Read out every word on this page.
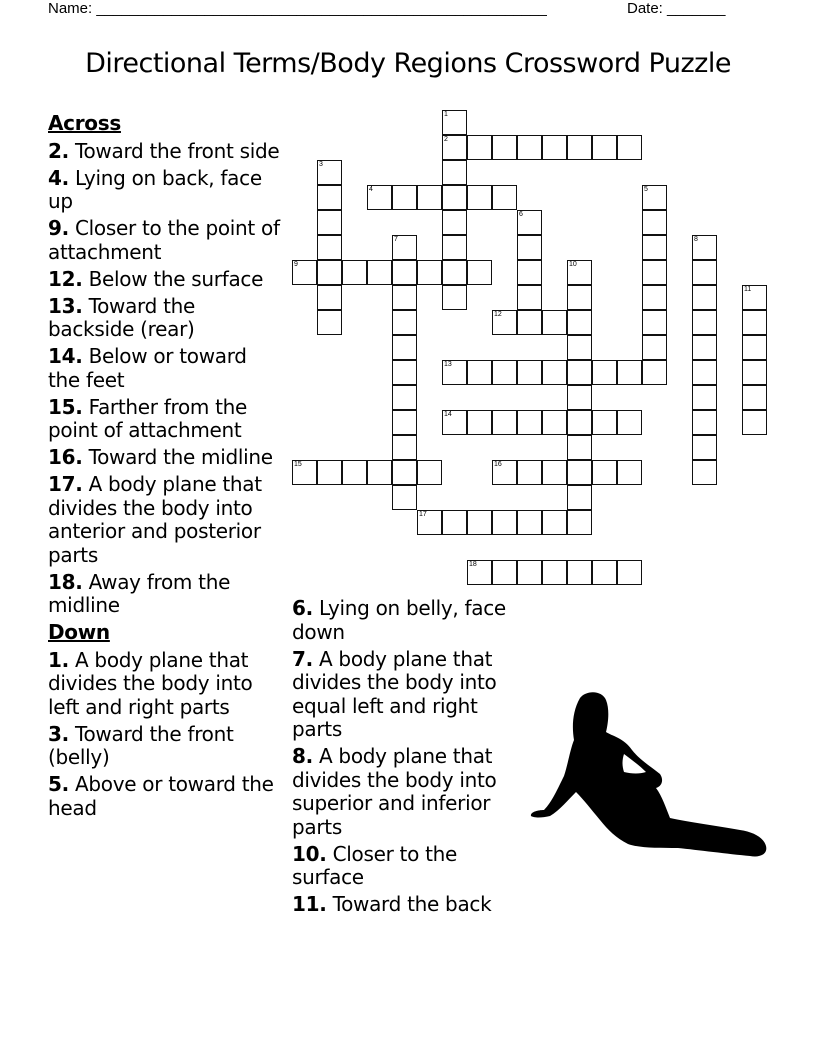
Name: ______________________________________________________	Date: _______
Directional Terms/Body Regions Crossword Puzzle
Across
2. Toward the front side
4. Lying on back, face up
9. Closer to the point of attachment
12. Below the surface
13. Toward the backside (rear)
14. Below or toward the feet
15. Farther from the point of attachment
16. Toward the midline
17. A body plane that divides the body into anterior and posterior parts
18. Away from the midline
Down
1. A body plane that divides the body into left and right parts
3. Toward the front (belly)
5. Above or toward the head
6. Lying on belly, face down
7. A body plane that divides the body into equal left and right parts
8. A body plane that divides the body into superior and inferior parts
10. Closer to the surface
11. Toward the back
1
2
3
4	5
6
7	8
9	10
11
12
13
14
15	16
17
18
